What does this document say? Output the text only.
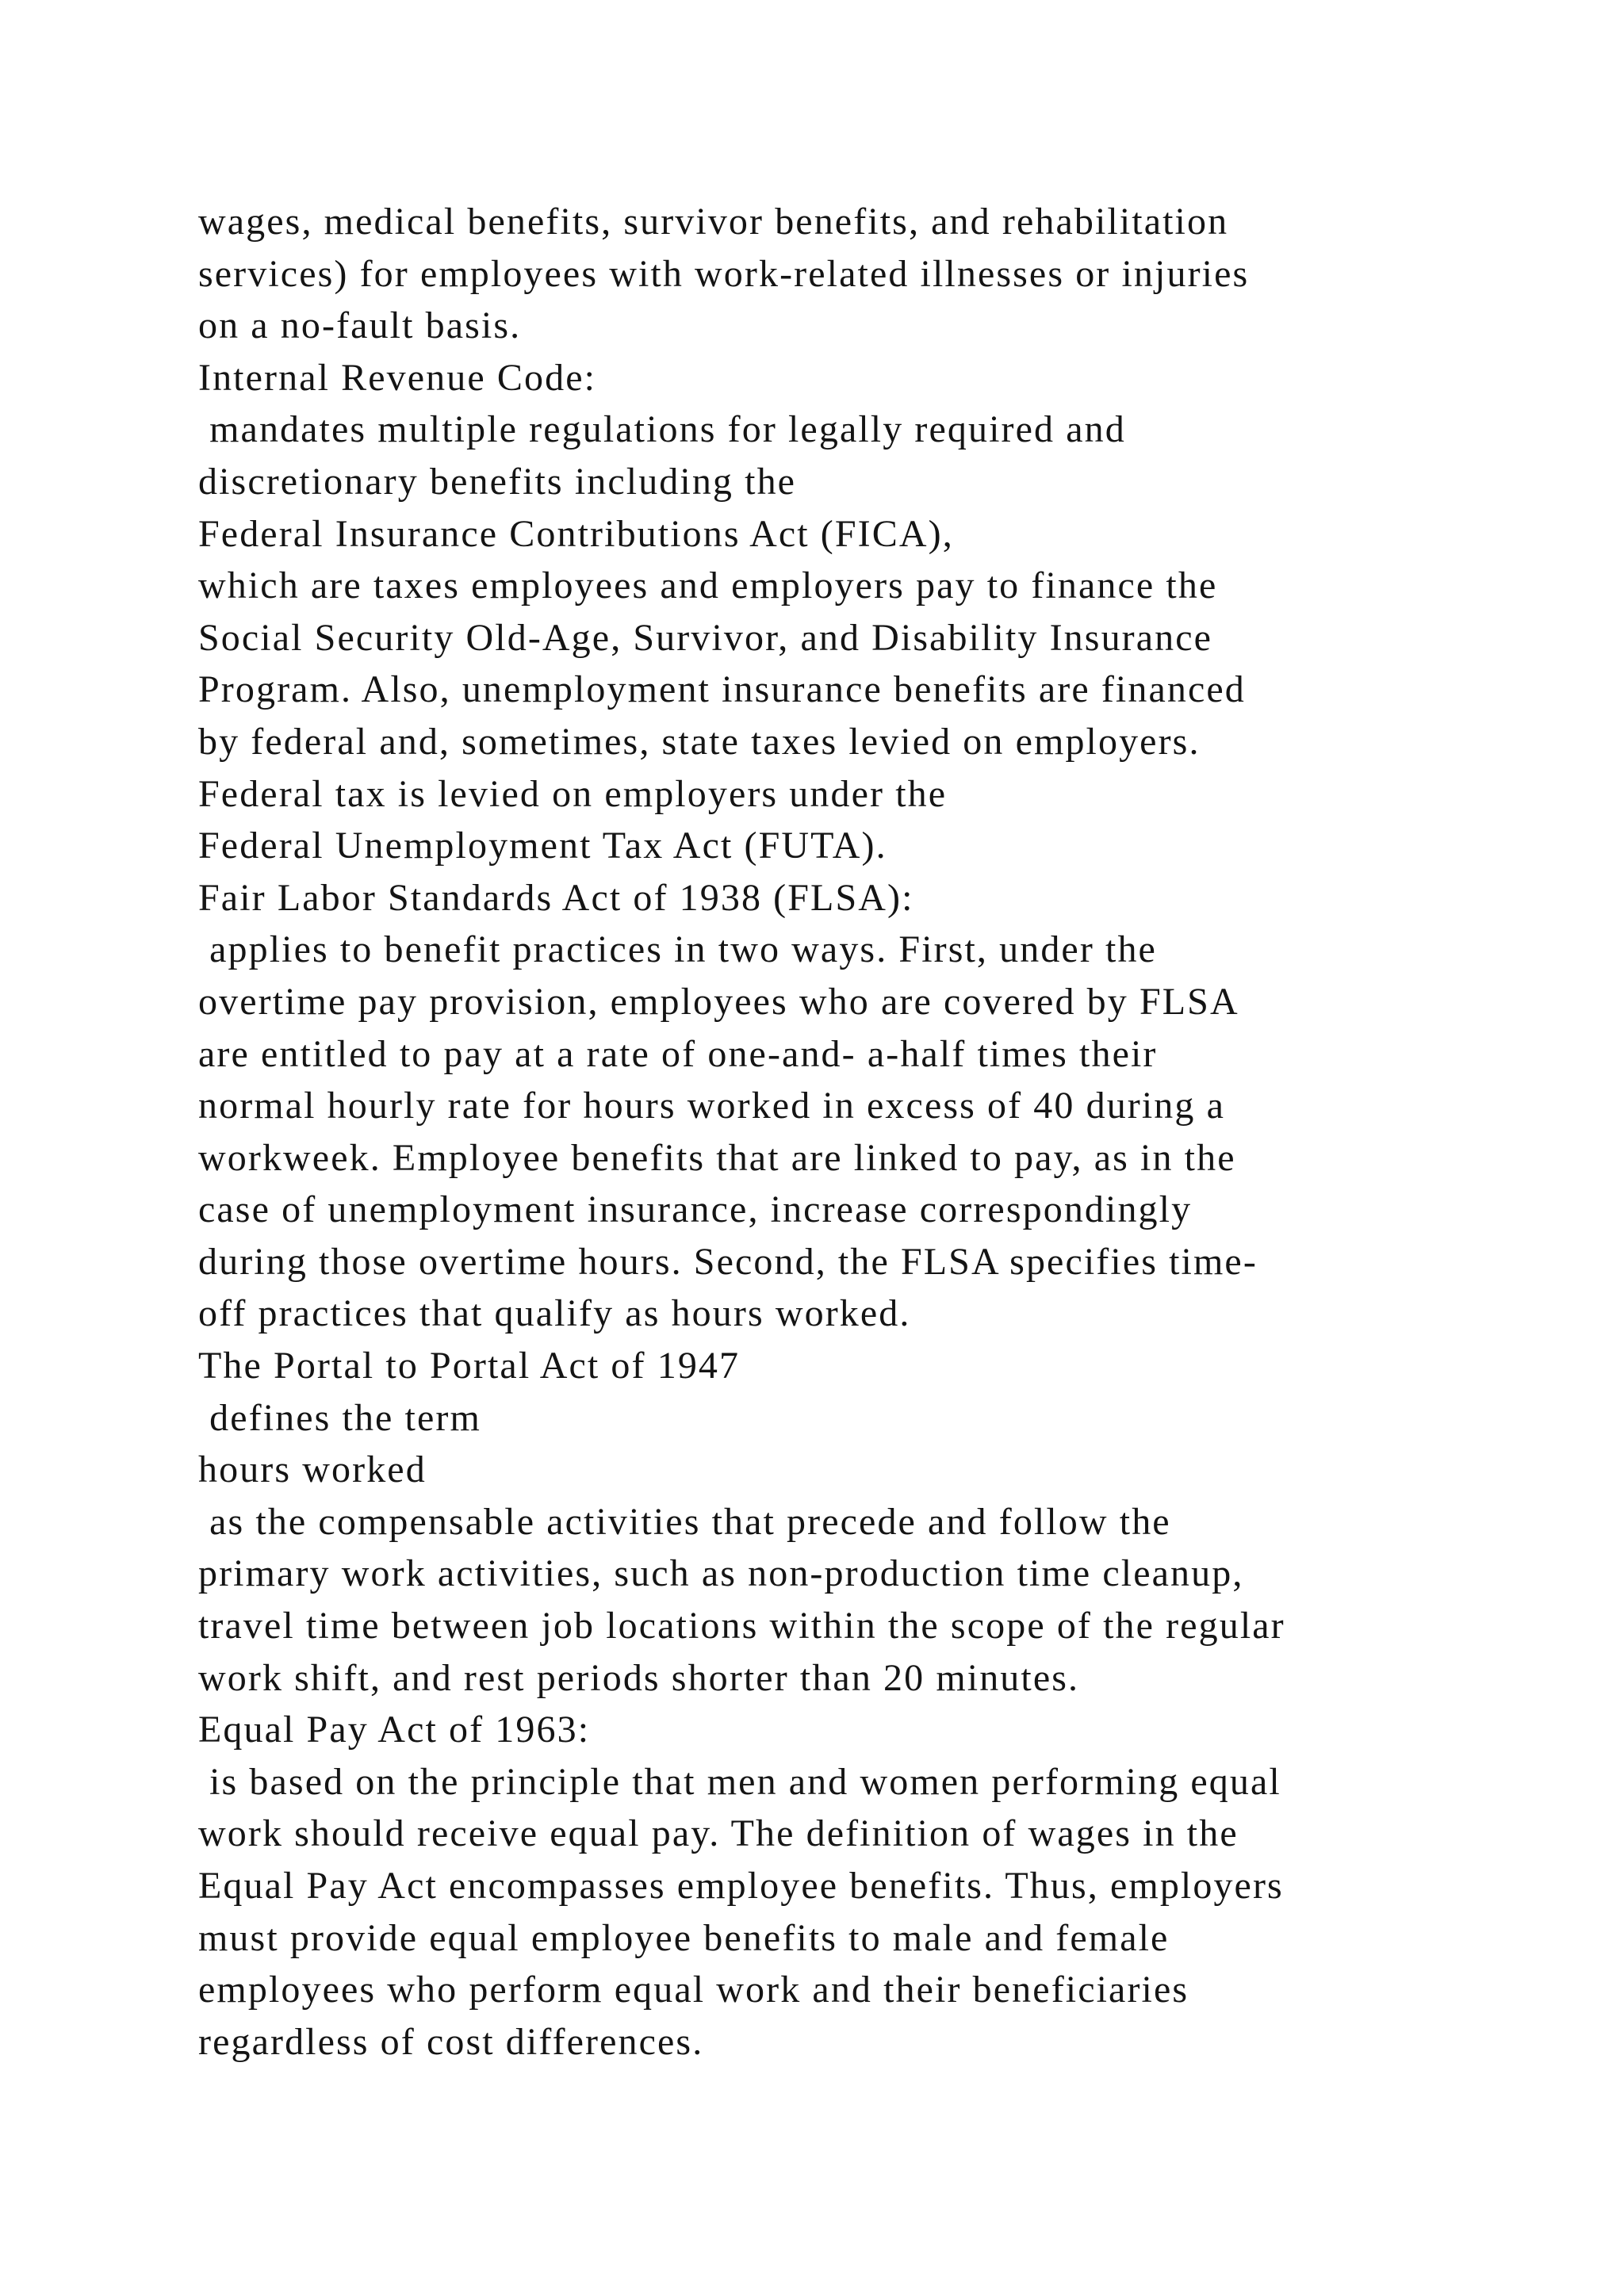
wages, medical benefits, survivor benefits, and rehabilitation
services) for employees with work-related illnesses or injuries
on a no-fault basis.
Internal Revenue Code:
mandates multiple regulations for legally required and
discretionary benefits including the
Federal Insurance Contributions Act (FICA),
which are taxes employees and employers pay to finance the
Social Security Old-Age, Survivor, and Disability Insurance
Program. Also, unemployment insurance benefits are financed
by federal and, sometimes, state taxes levied on employers.
Federal tax is levied on employers under the
Federal Unemployment Tax Act (FUTA).
Fair Labor Standards Act of 1938 (FLSA):
applies to benefit practices in two ways. First, under the
overtime pay provision, employees who are covered by FLSA
are entitled to pay at a rate of one-and- a-half times their
normal hourly rate for hours worked in excess of 40 during a
workweek. Employee benefits that are linked to pay, as in the
case of unemployment insurance, increase correspondingly
during those overtime hours. Second, the FLSA specifies time-
off practices that qualify as hours worked.
The Portal to Portal Act of 1947
defines the term
hours worked
as the compensable activities that precede and follow the
primary work activities, such as non-production time cleanup,
travel time between job locations within the scope of the regular
work shift, and rest periods shorter than 20 minutes.
Equal Pay Act of 1963:
is based on the principle that men and women performing equal
work should receive equal pay. The definition of wages in the
Equal Pay Act encompasses employee benefits. Thus, employers
must provide equal employee benefits to male and female
employees who perform equal work and their beneficiaries
regardless of cost differences.
